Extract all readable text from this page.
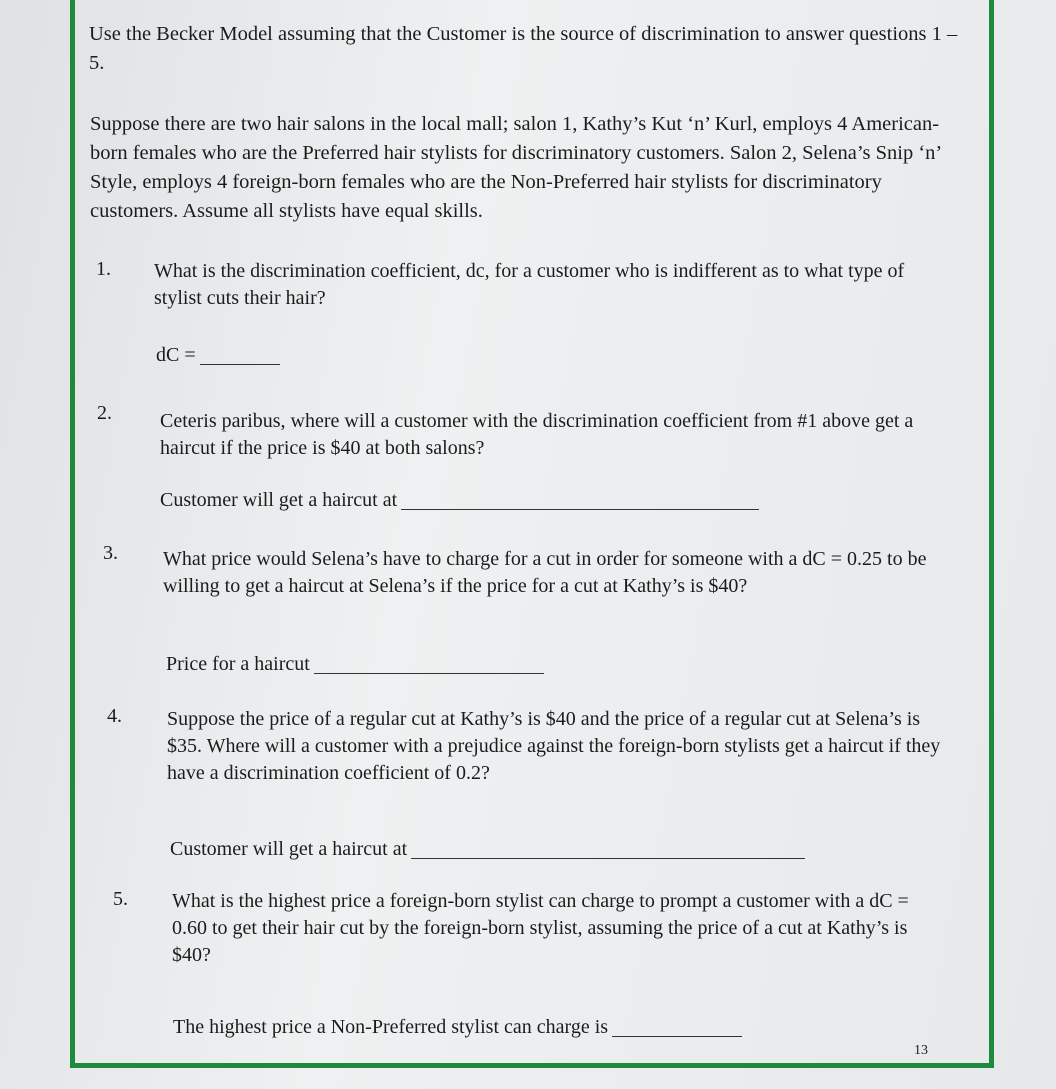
Use the Becker Model assuming that the Customer is the source of discrimination to answer questions 1 – 5.

Suppose there are two hair salons in the local mall; salon 1, Kathy’s Kut ‘n’ Kurl, employs 4 American-born females who are the Preferred hair stylists for discriminatory customers. Salon 2, Selena’s Snip ‘n’ Style, employs 4 foreign-born females who are the Non-Preferred hair stylists for discriminatory customers. Assume all stylists have equal skills.

1. What is the discrimination coefficient, dc, for a customer who is indifferent as to what type of stylist cuts their hair?
dC =
2. Ceteris paribus, where will a customer with the discrimination coefficient from #1 above get a haircut if the price is $40 at both salons?
Customer will get a haircut at
3. What price would Selena’s have to charge for a cut in order for someone with a dC = 0.25 to be willing to get a haircut at Selena’s if the price for a cut at Kathy’s is $40?
Price for a haircut
4. Suppose the price of a regular cut at Kathy’s is $40 and the price of a regular cut at Selena’s is $35. Where will a customer with a prejudice against the foreign-born stylists get a haircut if they have a discrimination coefficient of 0.2?
Customer will get a haircut at
5. What is the highest price a foreign-born stylist can charge to prompt a customer with a dC = 0.60 to get their hair cut by the foreign-born stylist, assuming the price of a cut at Kathy’s is $40?
The highest price a Non-Preferred stylist can charge is
13
